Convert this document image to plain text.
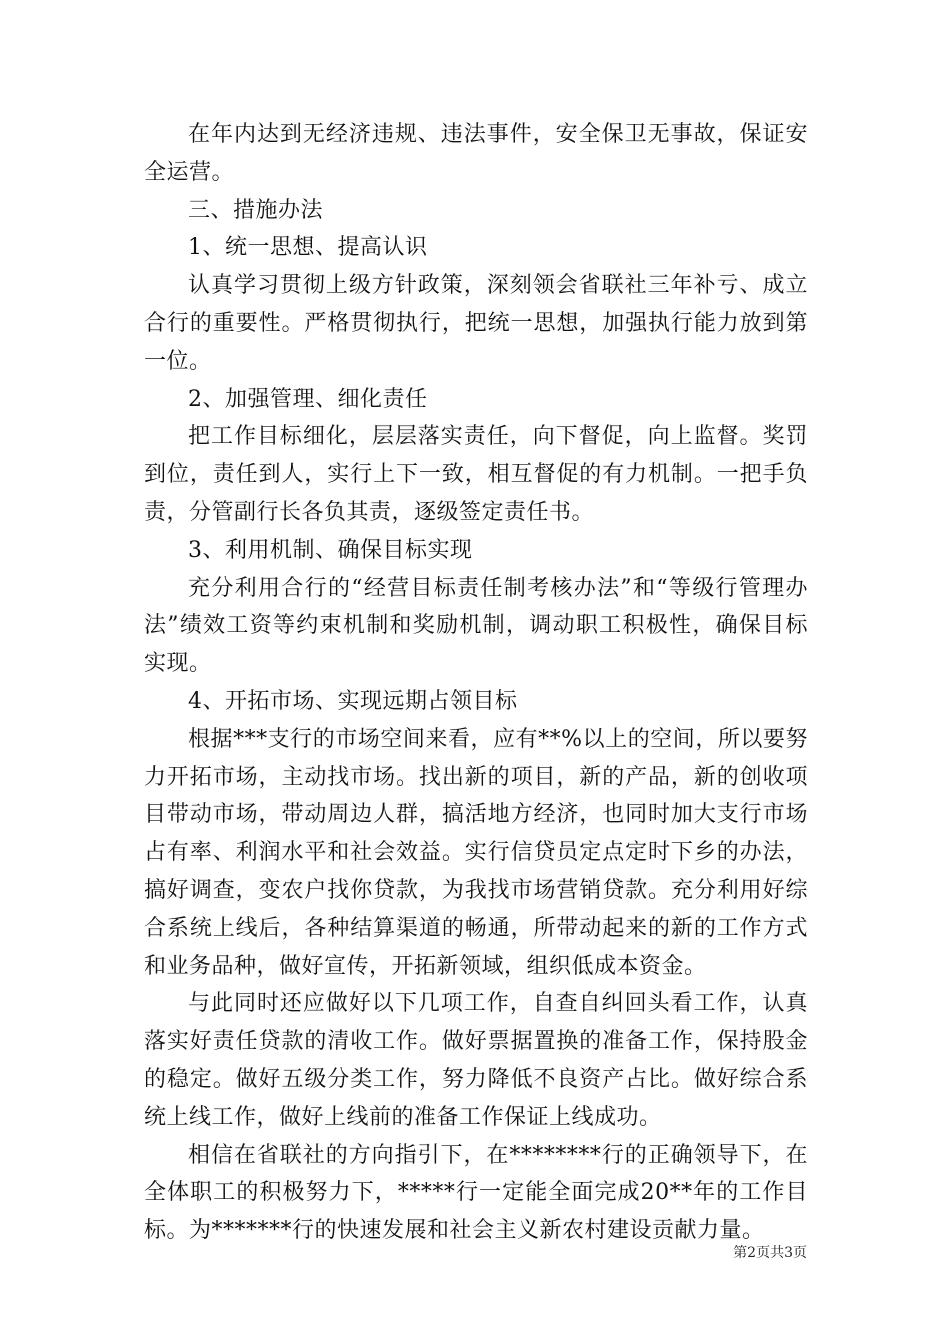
在年内达到无经济违规、违法事件，安全保卫无事故，保证安全运营。

三、措施办法

1、统一思想、提高认识

认真学习贯彻上级方针政策，深刻领会省联社三年补亏、成立合行的重要性。严格贯彻执行，把统一思想，加强执行能力放到第一位。

2、加强管理、细化责任

把工作目标细化，层层落实责任，向下督促，向上监督。奖罚到位，责任到人，实行上下一致，相互督促的有力机制。一把手负责，分管副行长各负其责，逐级签定责任书。

3、利用机制、确保目标实现

充分利用合行的“经营目标责任制考核办法”和“等级行管理办法”绩效工资等约束机制和奖励机制，调动职工积极性，确保目标实现。

4、开拓市场、实现远期占领目标

根据***支行的市场空间来看，应有**%以上的空间，所以要努力开拓市场，主动找市场。找出新的项目，新的产品，新的创收项目带动市场，带动周边人群，搞活地方经济，也同时加大支行市场占有率、利润水平和社会效益。实行信贷员定点定时下乡的办法，搞好调查，变农户找你贷款，为我找市场营销贷款。充分利用好综合系统上线后，各种结算渠道的畅通，所带动起来的新的工作方式和业务品种，做好宣传，开拓新领域，组织低成本资金。

与此同时还应做好以下几项工作，自查自纠回头看工作，认真落实好责任贷款的清收工作。做好票据置换的准备工作，保持股金的稳定。做好五级分类工作，努力降低不良资产占比。做好综合系统上线工作，做好上线前的准备工作保证上线成功。

相信在省联社的方向指引下，在********行的正确领导下，在全体职工的积极努力下，*****行一定能全面完成20**年的工作目标。为*******行的快速发展和社会主义新农村建设贡献力量。

第2页共3页
